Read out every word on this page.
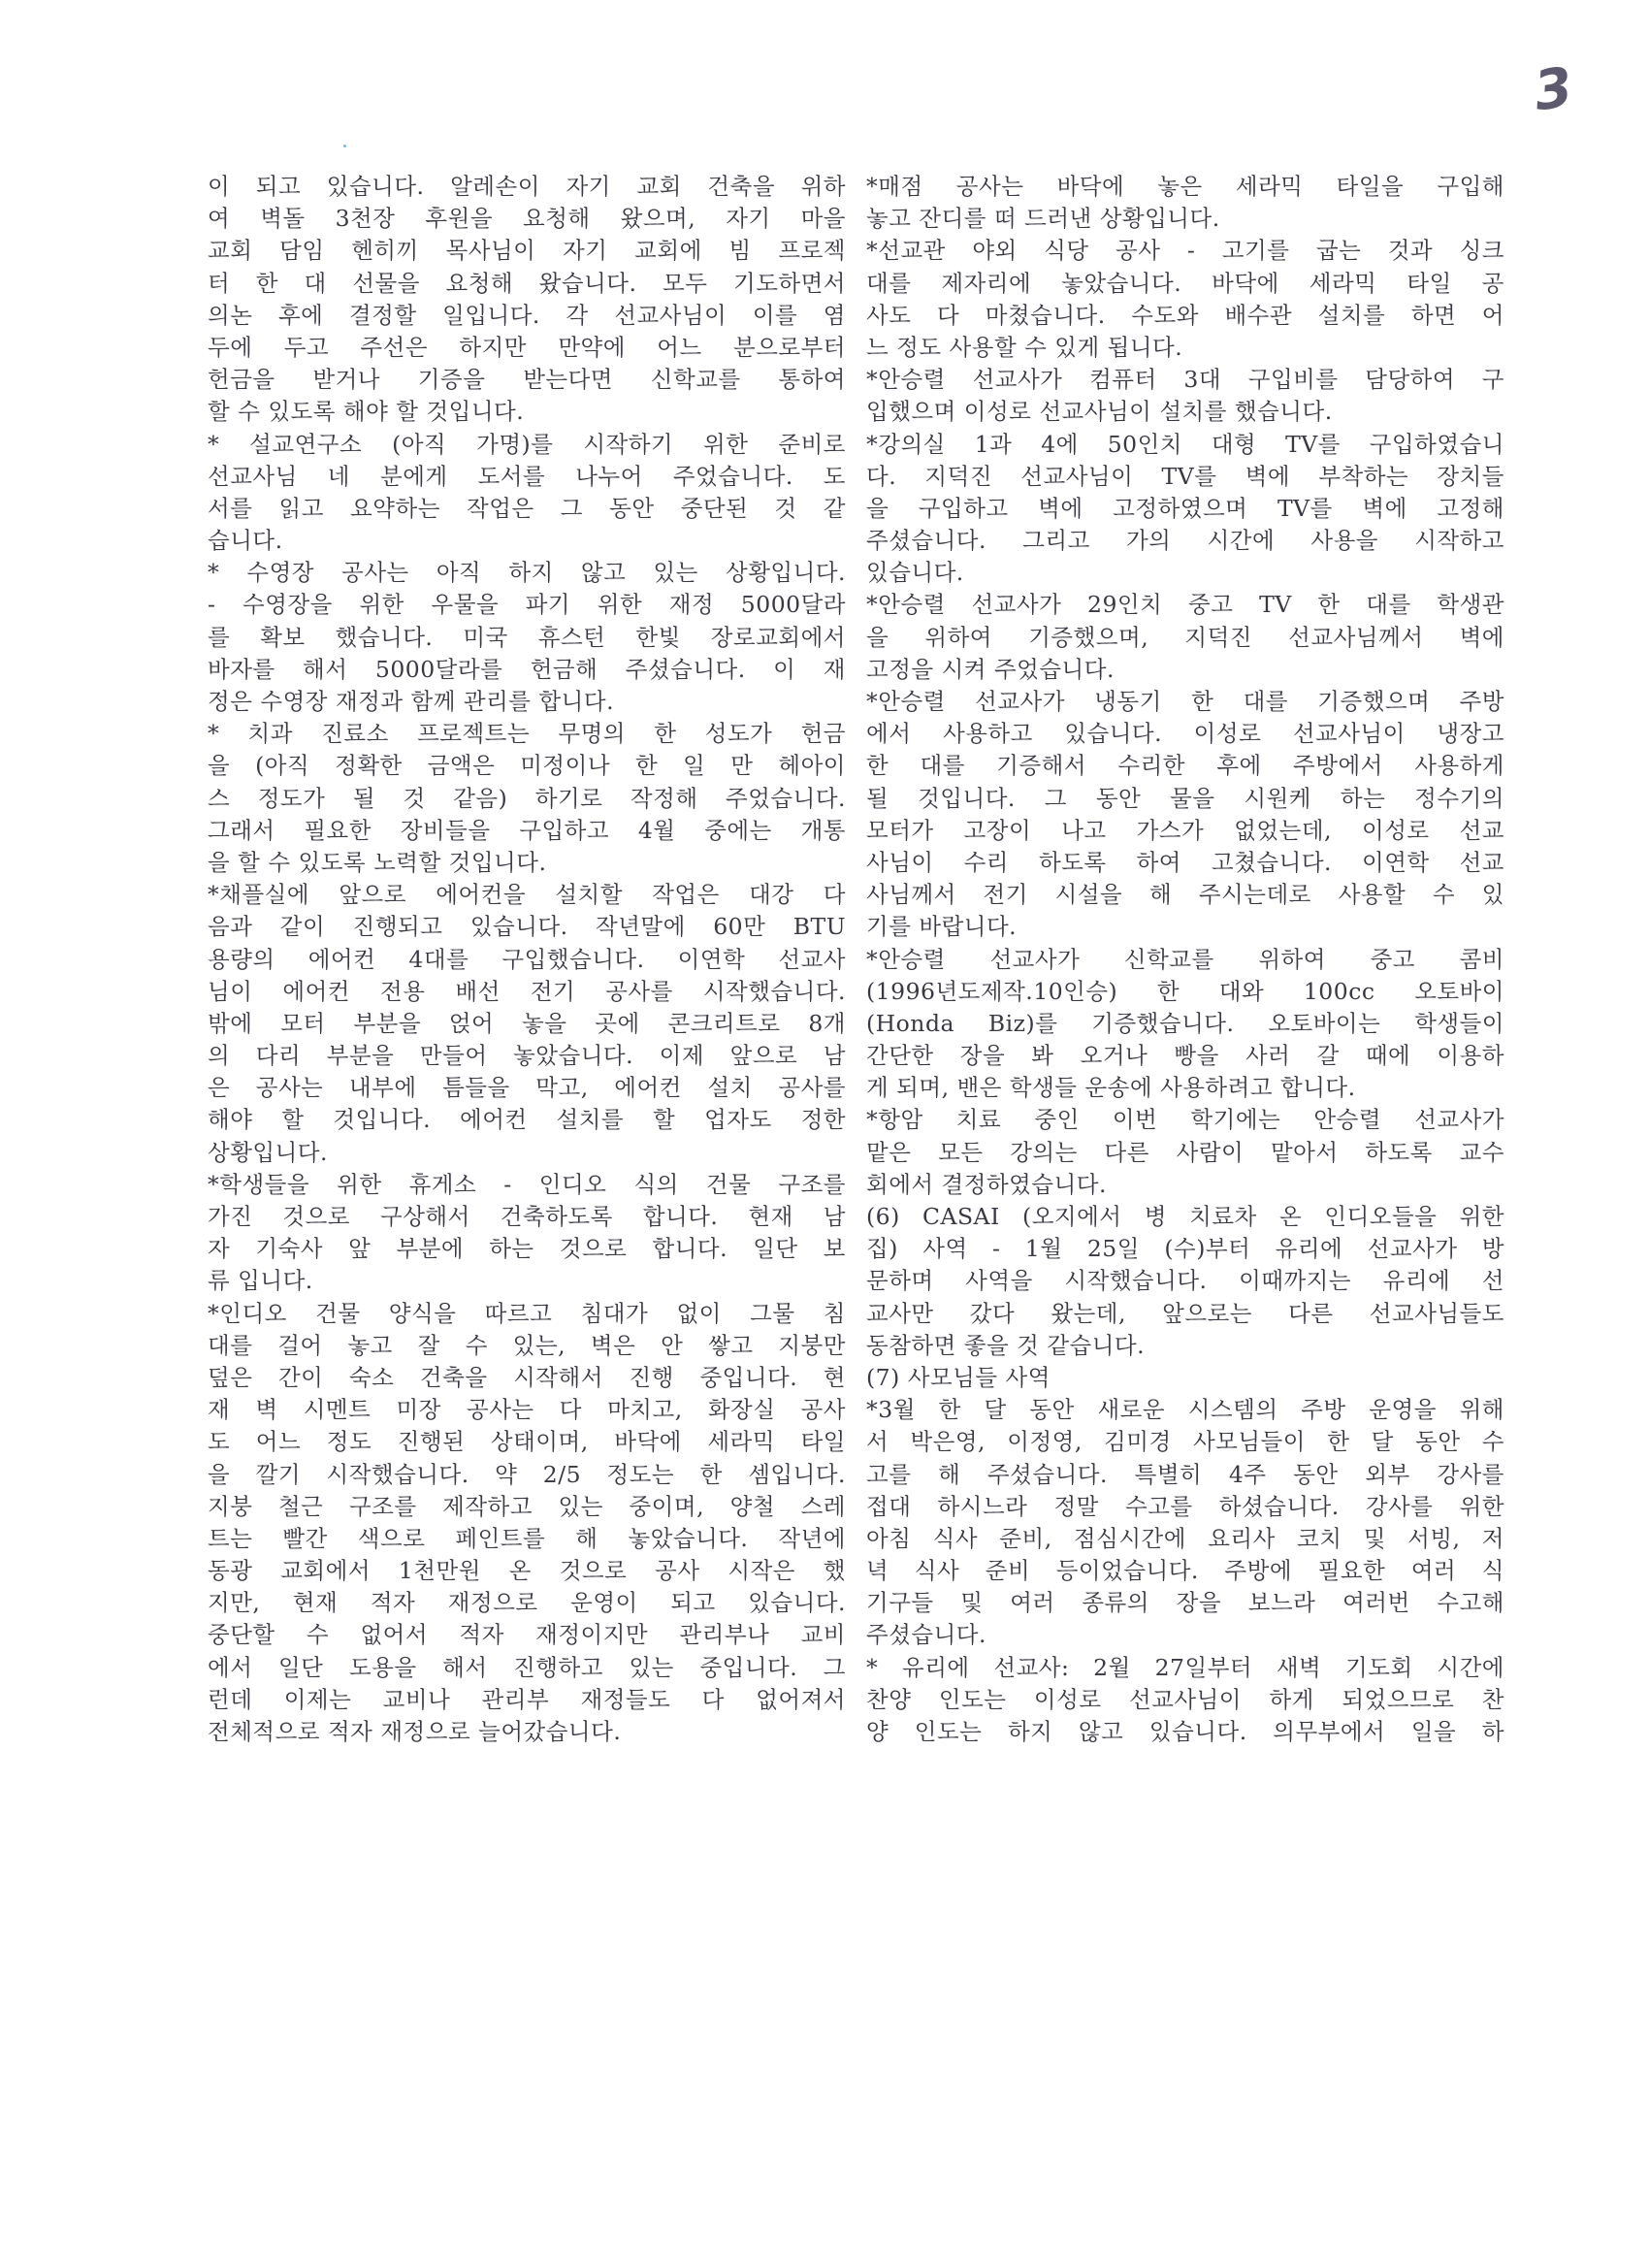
3
이 되고 있습니다. 알레손이 자기 교회 건축을 위하
여 벽돌 3천장 후원을 요청해 왔으며, 자기 마을
교회 담임 헨히끼 목사님이 자기 교회에 빔 프로젝
터 한 대 선물을 요청해 왔습니다. 모두 기도하면서
의논 후에 결정할 일입니다. 각 선교사님이 이를 염
두에 두고 주선은 하지만 만약에 어느 분으로부터
헌금을 받거나 기증을 받는다면 신학교를 통하여
할 수 있도록 해야 할 것입니다.
* 설교연구소 (아직 가명)를 시작하기 위한 준비로
선교사님 네 분에게 도서를 나누어 주었습니다. 도
서를 읽고 요약하는 작업은 그 동안 중단된 것 같
습니다.
* 수영장 공사는 아직 하지 않고 있는 상황입니다.
- 수영장을 위한 우물을 파기 위한 재정 5000달라
를 확보 했습니다. 미국 휴스턴 한빛 장로교회에서
바자를 해서 5000달라를 헌금해 주셨습니다. 이 재
정은 수영장 재정과 함께 관리를 합니다.
* 치과 진료소 프로젝트는 무명의 한 성도가 헌금
을 (아직 정확한 금액은 미정이나 한 일 만 헤아이
스 정도가 될 것 같음) 하기로 작정해 주었습니다.
그래서 필요한 장비들을 구입하고 4월 중에는 개통
을 할 수 있도록 노력할 것입니다.
*채플실에 앞으로 에어컨을 설치할 작업은 대강 다
음과 같이 진행되고 있습니다. 작년말에 60만 BTU
용량의 에어컨 4대를 구입했습니다. 이연학 선교사
님이 에어컨 전용 배선 전기 공사를 시작했습니다.
밖에 모터 부분을 얹어 놓을 곳에 콘크리트로 8개
의 다리 부분을 만들어 놓았습니다. 이제 앞으로 남
은 공사는 내부에 틈들을 막고, 에어컨 설치 공사를
해야 할 것입니다. 에어컨 설치를 할 업자도 정한
상황입니다.
*학생들을 위한 휴게소 - 인디오 식의 건물 구조를
가진 것으로 구상해서 건축하도록 합니다. 현재 남
자 기숙사 앞 부분에 하는 것으로 합니다. 일단 보
류 입니다.
*인디오 건물 양식을 따르고 침대가 없이 그물 침
대를 걸어 놓고 잘 수 있는, 벽은 안 쌓고 지붕만
덮은 간이 숙소 건축을 시작해서 진행 중입니다. 현
재 벽 시멘트 미장 공사는 다 마치고, 화장실 공사
도 어느 정도 진행된 상태이며, 바닥에 세라믹 타일
을 깔기 시작했습니다. 약 2/5 정도는 한 셈입니다.
지붕 철근 구조를 제작하고 있는 중이며, 양철 스레
트는 빨간 색으로 페인트를 해 놓았습니다. 작년에
동광 교회에서 1천만원 온 것으로 공사 시작은 했
지만, 현재 적자 재정으로 운영이 되고 있습니다.
중단할 수 없어서 적자 재정이지만 관리부나 교비
에서 일단 도용을 해서 진행하고 있는 중입니다. 그
런데 이제는 교비나 관리부 재정들도 다 없어져서
전체적으로 적자 재정으로 늘어갔습니다.
*매점 공사는 바닥에 놓은 세라믹 타일을 구입해
놓고 잔디를 떠 드러낸 상황입니다.
*선교관 야외 식당 공사 - 고기를 굽는 것과 싱크
대를 제자리에 놓았습니다. 바닥에 세라믹 타일 공
사도 다 마쳤습니다. 수도와 배수관 설치를 하면 어
느 정도 사용할 수 있게 됩니다.
*안승렬 선교사가 컴퓨터 3대 구입비를 담당하여 구
입했으며 이성로 선교사님이 설치를 했습니다.
*강의실 1과 4에 50인치 대형 TV를 구입하였습니
다. 지덕진 선교사님이 TV를 벽에 부착하는 장치들
을 구입하고 벽에 고정하였으며 TV를 벽에 고정해
주셨습니다. 그리고 가의 시간에 사용을 시작하고
있습니다.
*안승렬 선교사가 29인치 중고 TV 한 대를 학생관
을 위하여 기증했으며, 지덕진 선교사님께서 벽에
고정을 시켜 주었습니다.
*안승렬 선교사가 냉동기 한 대를 기증했으며 주방
에서 사용하고 있습니다. 이성로 선교사님이 냉장고
한 대를 기증해서 수리한 후에 주방에서 사용하게
될 것입니다. 그 동안 물을 시원케 하는 정수기의
모터가 고장이 나고 가스가 없었는데, 이성로 선교
사님이 수리 하도록 하여 고쳤습니다. 이연학 선교
사님께서 전기 시설을 해 주시는데로 사용할 수 있
기를 바랍니다.
*안승렬 선교사가 신학교를 위하여 중고 콤비
(1996년도제작.10인승) 한 대와 100cc 오토바이
(Honda Biz)를 기증했습니다. 오토바이는 학생들이
간단한 장을 봐 오거나 빵을 사러 갈 때에 이용하
게 되며, 밴은 학생들 운송에 사용하려고 합니다.
*항암 치료 중인 이번 학기에는 안승렬 선교사가
맡은 모든 강의는 다른 사람이 맡아서 하도록 교수
회에서 결정하였습니다.
(6) CASAI (오지에서 병 치료차 온 인디오들을 위한
집) 사역 - 1월 25일 (수)부터 유리에 선교사가 방
문하며 사역을 시작했습니다. 이때까지는 유리에 선
교사만 갔다 왔는데, 앞으로는 다른 선교사님들도
동참하면 좋을 것 같습니다.
(7) 사모님들 사역
*3월 한 달 동안 새로운 시스템의 주방 운영을 위해
서 박은영, 이정영, 김미경 사모님들이 한 달 동안 수
고를 해 주셨습니다. 특별히 4주 동안 외부 강사를
접대 하시느라 정말 수고를 하셨습니다. 강사를 위한
아침 식사 준비, 점심시간에 요리사 코치 및 서빙, 저
녁 식사 준비 등이었습니다. 주방에 필요한 여러 식
기구들 및 여러 종류의 장을 보느라 여러번 수고해
주셨습니다.
* 유리에 선교사: 2월 27일부터 새벽 기도회 시간에
찬양 인도는 이성로 선교사님이 하게 되었으므로 찬
양 인도는 하지 않고 있습니다. 의무부에서 일을 하
